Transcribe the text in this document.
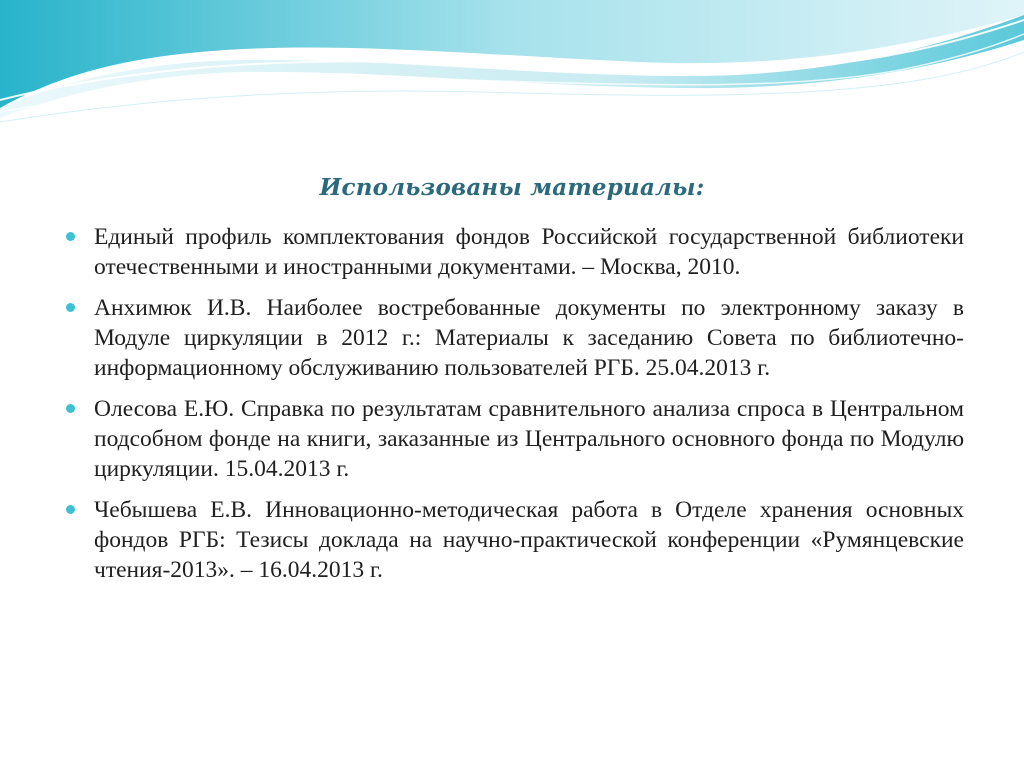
Использованы материалы:
Единый профиль комплектования фондов Российской государственной библиотеки отечественными и иностранными документами. – Москва, 2010.
Анхимюк И.В. Наиболее востребованные документы по электронному заказу в Модуле циркуляции в 2012 г.: Материалы к заседанию Совета по библиотечно-информационному обслуживанию пользователей РГБ. 25.04.2013 г.
Олесова Е.Ю. Справка по результатам сравнительного анализа спроса в Центральном подсобном фонде на книги, заказанные из Центрального основного фонда по Модулю циркуляции. 15.04.2013 г.
Чебышева Е.В. Инновационно-методическая работа в Отделе хранения основных фондов РГБ: Тезисы доклада на научно-практической конференции «Румянцевские чтения-2013». – 16.04.2013 г.
